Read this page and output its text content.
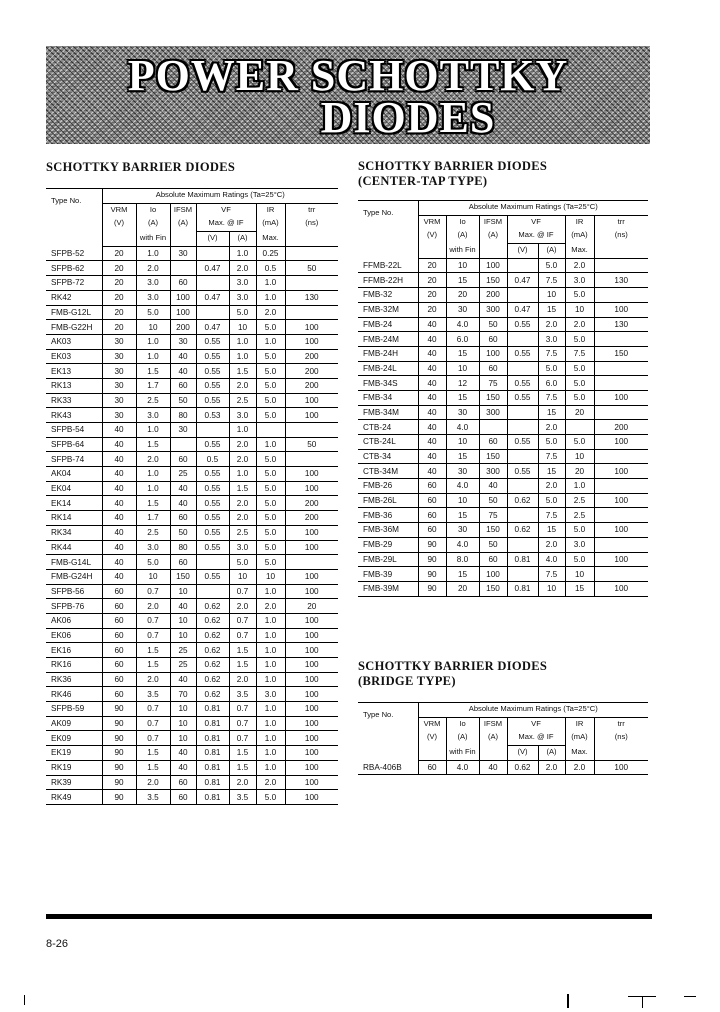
POWER SCHOTTKY
DIODES
SCHOTTKY BARRIER DIODES	SCHOTTKY BARRIER DIODES
(CENTER-TAP TYPE)
SCHOTTKY BARRIER DIODES
(BRIDGE TYPE)
Type No.	Absolute Maximum Ratings (Ta=25°C)						
	VRM	Io	IFSM	VF		IR	trr
	(V)	(A)	(A)	Max. @ IF		(mA)	(ns)
		with Fin		(V)	(A)	Max.	
SFPB-52	20	1.0	30		1.0	0.25	
SFPB-62	20	2.0		0.47	2.0	0.5	50
SFPB-72	20	3.0	60		3.0	1.0	
RK42	20	3.0	100	0.47	3.0	1.0	130
FMB-G12L	20	5.0	100		5.0	2.0	
FMB-G22H	20	10	200	0.47	10	5.0	100
AK03	30	1.0	30	0.55	1.0	1.0	100
EK03	30	1.0	40	0.55	1.0	5.0	200
EK13	30	1.5	40	0.55	1.5	5.0	200
RK13	30	1.7	60	0.55	2.0	5.0	200
RK33	30	2.5	50	0.55	2.5	5.0	100
RK43	30	3.0	80	0.53	3.0	5.0	100
SFPB-54	40	1.0	30		1.0		
SFPB-64	40	1.5		0.55	2.0	1.0	50
SFPB-74	40	2.0	60	0.5	2.0	5.0	
AK04	40	1.0	25	0.55	1.0	5.0	100
EK04	40	1.0	40	0.55	1.5	5.0	100
EK14	40	1.5	40	0.55	2.0	5.0	200
RK14	40	1.7	60	0.55	2.0	5.0	200
RK34	40	2.5	50	0.55	2.5	5.0	100
RK44	40	3.0	80	0.55	3.0	5.0	100
FMB-G14L	40	5.0	60		5.0	5.0	
FMB-G24H	40	10	150	0.55	10	10	100
SFPB-56	60	0.7	10		0.7	1.0	100
SFPB-76	60	2.0	40	0.62	2.0	2.0	20
AK06	60	0.7	10	0.62	0.7	1.0	100
EK06	60	0.7	10	0.62	0.7	1.0	100
EK16	60	1.5	25	0.62	1.5	1.0	100
RK16	60	1.5	25	0.62	1.5	1.0	100
RK36	60	2.0	40	0.62	2.0	1.0	100
RK46	60	3.5	70	0.62	3.5	3.0	100
SFPB-59	90	0.7	10	0.81	0.7	1.0	100
AK09	90	0.7	10	0.81	0.7	1.0	100
EK09	90	0.7	10	0.81	0.7	1.0	100
EK19	90	1.5	40	0.81	1.5	1.0	100
RK19	90	1.5	40	0.81	1.5	1.0	100
RK39	90	2.0	60	0.81	2.0	2.0	100
RK49	90	3.5	60	0.81	3.5	5.0	100
Type No.	Absolute Maximum Ratings (Ta=25°C)						
	VRM	Io	IFSM	VF		IR	trr
	(V)	(A)	(A)	Max. @ IF		(mA)	(ns)
		with Fin		(V)	(A)	Max.	
FFMB-22L	20	10	100		5.0	2.0	
FFMB-22H	20	15	150	0.47	7.5	3.0	130
FMB-32	20	20	200		10	5.0	
FMB-32M	20	30	300	0.47	15	10	100
FMB-24	40	4.0	50	0.55	2.0	2.0	130
FMB-24M	40	6.0	60		3.0	5.0	
FMB-24H	40	15	100	0.55	7.5	7.5	150
FMB-24L	40	10	60		5.0	5.0	
FMB-34S	40	12	75	0.55	6.0	5.0	
FMB-34	40	15	150	0.55	7.5	5.0	100
FMB-34M	40	30	300		15	20	
CTB-24	40	4.0			2.0		200
CTB-24L	40	10	60	0.55	5.0	5.0	100
CTB-34	40	15	150		7.5	10	
CTB-34M	40	30	300	0.55	15	20	100
FMB-26	60	4.0	40		2.0	1.0	
FMB-26L	60	10	50	0.62	5.0	2.5	100
FMB-36	60	15	75		7.5	2.5	
FMB-36M	60	30	150	0.62	15	5.0	100
FMB-29	90	4.0	50		2.0	3.0	
FMB-29L	90	8.0	60	0.81	4.0	5.0	100
FMB-39	90	15	100		7.5	10	
FMB-39M	90	20	150	0.81	10	15	100
Type No.	Absolute Maximum Ratings (Ta=25°C)						
	VRM	Io	IFSM	VF		IR	trr
	(V)	(A)	(A)	Max. @ IF		(mA)	(ns)
		with Fin		(V)	(A)	Max.	
RBA-406B	60	4.0	40	0.62	2.0	2.0	100
8-26
